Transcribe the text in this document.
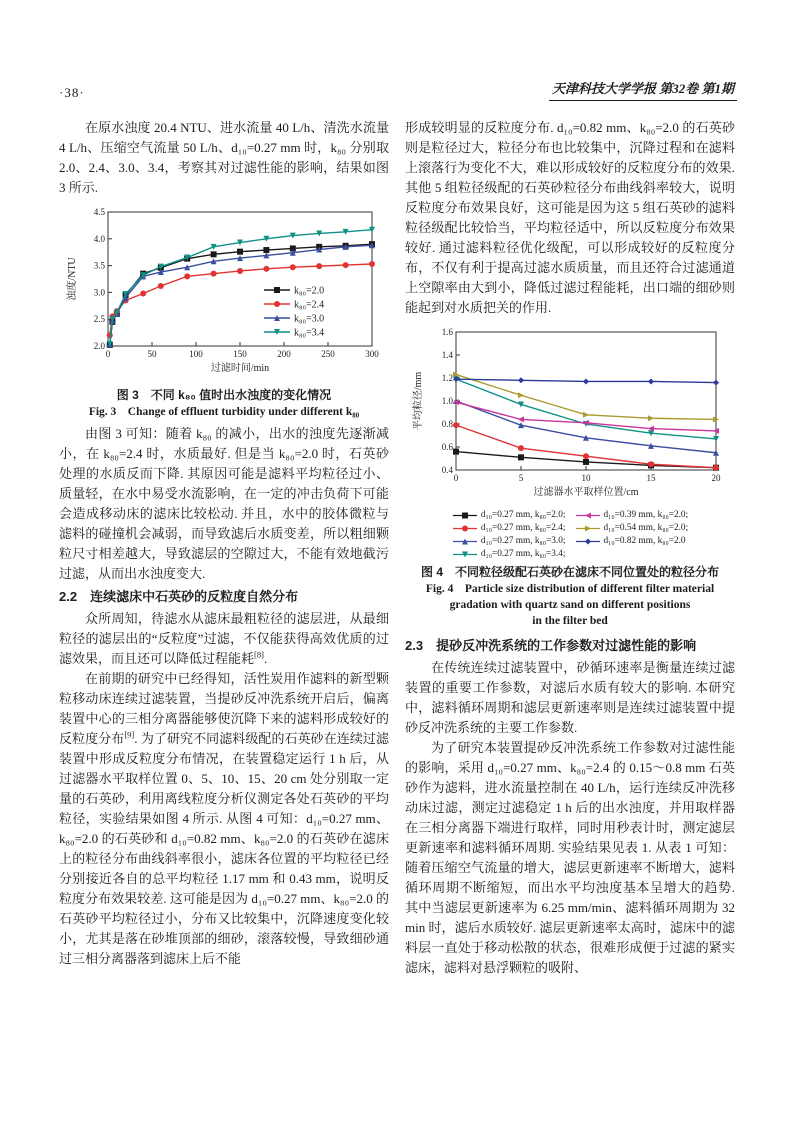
·38·	天津科技大学学报 第32卷 第1期

在原水浊度 20.4 NTU、进水流量 40 L/h、清洗水流量 4 L/h、压缩空气流量 50 L/h、d₁₀=0.27 mm 时，k₈₀ 分别取 2.0、2.4、3.0、3.4，考察其对过滤性能的影响，结果如图 3 所示.

0	50	100	150	200	250	300
2.0
2.5
3.0
3.5
4.0
4.5
过滤时间/min
浊度/NTU	k₈₀=2.0
k₈₀=2.4
k₈₀=3.0
k₈₀=3.4
图 3　不同 k₈₀ 值时出水浊度的变化情况
Fig. 3　Change of effluent turbidity under different k₈₀

由图 3 可知：随着 k₈₀ 的减小，出水的浊度先逐渐减小，在 k₈₀=2.4 时，水质最好. 但是当 k₈₀=2.0 时，石英砂处理的水质反而下降. 其原因可能是滤料平均粒径过小、质量轻，在水中易受水流影响，在一定的冲击负荷下可能会造成移动床的滤床比较松动. 并且，水中的胶体微粒与滤料的碰撞机会减弱，而导致滤后水质变差，所以粗细颗粒尺寸相差越大，导致滤层的空隙过大，不能有效地截污过滤，从而出水浊度变大.

2.2　连续滤床中石英砂的反粒度自然分布

众所周知，待滤水从滤床最粗粒径的滤层进，从最细粒径的滤层出的“反粒度”过滤，不仅能获得高效优质的过滤效果，而且还可以降低过程能耗[8].

在前期的研究中已经得知，活性炭用作滤料的新型颗粒移动床连续过滤装置，当提砂反冲洗系统开启后，偏离装置中心的三相分离器能够使沉降下来的滤料形成较好的反粒度分布[9]. 为了研究不同滤料级配的石英砂在连续过滤装置中形成反粒度分布情况，在装置稳定运行 1 h 后，从过滤器水平取样位置 0、5、10、15、20 cm 处分别取一定量的石英砂，利用离线粒度分析仪测定各处石英砂的平均粒径，实验结果如图 4 所示. 从图 4 可知：d₁₀=0.27 mm、k₈₀=2.0 的石英砂和 d₁₀=0.82 mm、k₈₀=2.0 的石英砂在滤床上的粒径分布曲线斜率很小，滤床各位置的平均粒径已经分别接近各自的总平均粒径 1.17 mm 和 0.43 mm，说明反粒度分布效果较差. 这可能是因为 d₁₀=0.27 mm、k₈₀=2.0 的石英砂平均粒径过小，分布又比较集中，沉降速度变化较小，尤其是落在砂堆顶部的细砂，滚落较慢，导致细砂通过三相分离器落到滤床上后不能

形成较明显的反粒度分布. d₁₀=0.82 mm、k₈₀=2.0 的石英砂则是粒径过大，粒径分布也比较集中，沉降过程和在滤料上滚落行为变化不大，难以形成较好的反粒度分布的效果. 其他 5 组粒径级配的石英砂粒径分布曲线斜率较大，说明反粒度分布效果良好，这可能是因为这 5 组石英砂的滤料粒径级配比较恰当，平均粒径适中，所以反粒度分布效果较好. 通过滤料粒径优化级配，可以形成较好的反粒度分布，不仅有利于提高过滤水质质量，而且还符合过滤通道上空隙率由大到小，降低过滤过程能耗，出口端的细砂则能起到对水质把关的作用.

0	5	10	15	20
0.4
0.6
0.8
1.0
1.2
1.4
1.6
过滤器水平取样位置/cm
平均粒径/mm
d₁₀=0.27 mm, k₈₀=2.0;
d₁₀=0.27 mm, k₈₀=2.4;
d₁₀=0.27 mm, k₈₀=3.0;
d₁₀=0.27 mm, k₈₀=3.4;
d₁₀=0.39 mm, k₈₀=2.0;
d₁₀=0.54 mm, k₈₀=2.0;
d₁₀=0.82 mm, k₈₀=2.0
图 4　不同粒径级配石英砂在滤床不同位置处的粒径分布
Fig. 4　Particle size distribution of different filter material
gradation with quartz sand on different positions
in the filter bed

2.3　提砂反冲洗系统的工作参数对过滤性能的影响

在传统连续过滤装置中，砂循环速率是衡量连续过滤装置的重要工作参数，对滤后水质有较大的影响. 本研究中，滤料循环周期和滤层更新速率则是连续过滤装置中提砂反冲洗系统的主要工作参数.

为了研究本装置提砂反冲洗系统工作参数对过滤性能的影响，采用 d₁₀=0.27 mm、k₈₀=2.4 的 0.15～0.8 mm 石英砂作为滤料，进水流量控制在 40 L/h，运行连续反冲洗移动床过滤，测定过滤稳定 1 h 后的出水浊度，并用取样器在三相分离器下端进行取样，同时用秒表计时，测定滤层更新速率和滤料循环周期. 实验结果见表 1. 从表 1 可知：随着压缩空气流量的增大，滤层更新速率不断增大，滤料循环周期不断缩短，而出水平均浊度基本呈增大的趋势. 其中当滤层更新速率为 6.25 mm/min、滤料循环周期为 32 min 时，滤后水质较好. 滤层更新速率太高时，滤床中的滤料层一直处于移动松散的状态，很难形成便于过滤的紧实滤床，滤料对悬浮颗粒的吸附、
